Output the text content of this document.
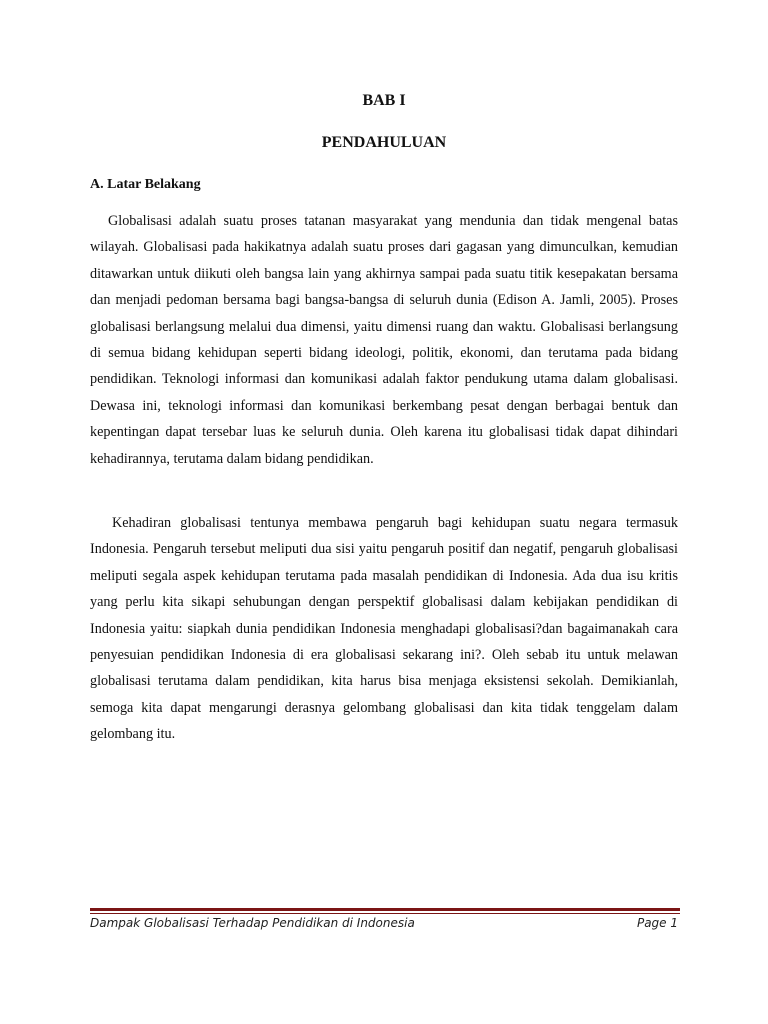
BAB I
PENDAHULUAN
A. Latar Belakang

Globalisasi adalah suatu proses tatanan masyarakat yang mendunia dan tidak mengenal batas wilayah. Globalisasi pada hakikatnya adalah suatu proses dari gagasan yang dimunculkan, kemudian ditawarkan untuk diikuti oleh bangsa lain yang akhirnya sampai pada suatu titik kesepakatan bersama dan menjadi pedoman bersama bagi bangsa-bangsa di seluruh dunia (Edison A. Jamli, 2005). Proses globalisasi berlangsung melalui dua dimensi, yaitu dimensi ruang dan waktu. Globalisasi berlangsung di semua bidang kehidupan seperti bidang ideologi, politik, ekonomi, dan terutama pada bidang pendidikan. Teknologi informasi dan komunikasi adalah faktor pendukung utama dalam globalisasi. Dewasa ini, teknologi informasi dan komunikasi berkembang pesat dengan berbagai bentuk dan kepentingan dapat tersebar luas ke seluruh dunia. Oleh karena itu globalisasi tidak dapat dihindari kehadirannya, terutama dalam bidang pendidikan.

Kehadiran globalisasi tentunya membawa pengaruh bagi kehidupan suatu negara termasuk Indonesia. Pengaruh tersebut meliputi dua sisi yaitu pengaruh positif dan negatif, pengaruh globalisasi meliputi segala aspek kehidupan terutama pada masalah pendidikan di Indonesia. Ada dua isu kritis yang perlu kita sikapi sehubungan dengan perspektif globalisasi dalam kebijakan pendidikan di Indonesia yaitu: siapkah dunia pendidikan Indonesia menghadapi globalisasi?dan bagaimanakah cara penyesuian pendidikan Indonesia di era globalisasi sekarang ini?. Oleh sebab itu untuk melawan globalisasi terutama dalam pendidikan, kita harus bisa menjaga eksistensi sekolah. Demikianlah, semoga kita dapat mengarungi derasnya gelombang globalisasi dan kita tidak tenggelam dalam gelombang itu.

Dampak Globalisasi Terhadap Pendidikan di Indonesia	Page 1
